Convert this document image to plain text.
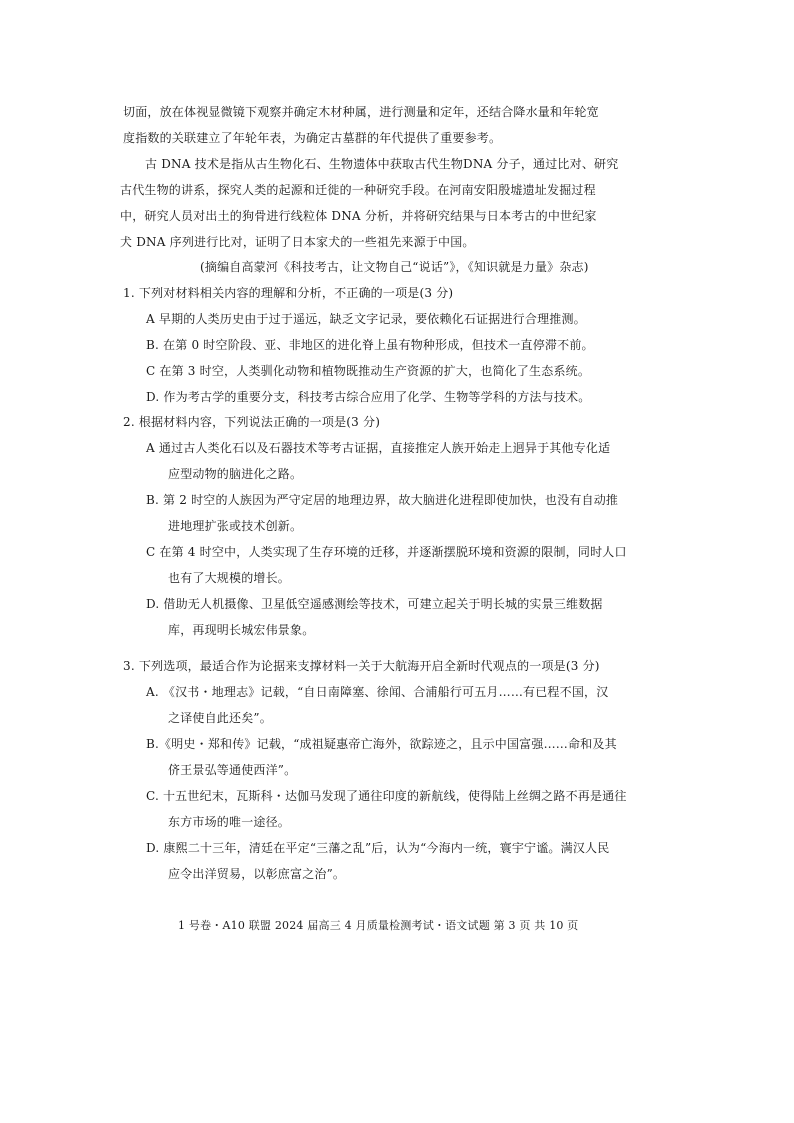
切面，放在体视显微镜下观察并确定木材种属，进行测量和定年，还结合降水量和年轮宽
度指数的关联建立了年轮年表，为确定古墓群的年代提供了重要参考。
古 DNA 技术是指从古生物化石、生物遗体中获取古代生物DNA 分子，通过比对、研究
古代生物的讲系，探究人类的起源和迁徙的一种研究手段。在河南安阳殷墟遗址发掘过程
中，研究人员对出土的狗骨进行线粒体 DNA 分析，并将研究结果与日本考古的中世纪家
犬 DNA 序列进行比对，证明了日本家犬的一些祖先来源于中国。
(摘编自高蒙河《科技考古，让文物自己“说话”》，《知识就是力量》杂志)
1. 下列对材料相关内容的理解和分析，不正确的一项是(3 分)
A 早期的人类历史由于过于遥远，缺乏文字记录，要依赖化石证据进行合理推测。
B. 在第 0 时空阶段、亚、非地区的进化脊上虽有物种形成，但技术一直停滞不前。
C 在第 3 时空，人类驯化动物和植物既推动生产资源的扩大，也简化了生态系统。
D. 作为考古学的重要分支，科技考古综合应用了化学、生物等学科的方法与技术。
2. 根据材料内容，下列说法正确的一项是(3 分)
A 通过古人类化石以及石器技术等考古证据，直接推定人族开始走上迥异于其他专化适
应型动物的脑进化之路。
B. 第 2 时空的人族因为严守定居的地理边界，故大脑进化进程即使加快，也没有自动推
进地理扩张或技术创新。
C 在第 4 时空中，人类实现了生存环境的迁移，并逐渐摆脱环境和资源的限制，同时人口
也有了大规模的增长。
D. 借助无人机摄像、卫星低空遥感测绘等技术，可建立起关于明长城的实景三维数据
库，再现明长城宏伟景象。
3. 下列选项，最适合作为论据来支撑材料一关于大航海开启全新时代观点的一项是(3 分)
A. 《汉书・地理志》记载，“自日南障塞、徐闻、合浦船行可五月……有已程不国，汉
之译使自此还矣”。
B.《明史・郑和传》记载，“成祖疑惠帝亡海外，欲踪迹之，且示中国富强……命和及其
侪王景弘等通使西洋”。
C. 十五世纪末，瓦斯科・达伽马发现了通往印度的新航线，使得陆上丝绸之路不再是通往
东方市场的唯一途径。
D. 康熙二十三年，清廷在平定“三藩之乱”后，认为“今海内一统，寰宇宁谧。满汉人民
应令出洋贸易，以彰庶富之治”。
1 号卷・A10 联盟 2024 届高三 4 月质量检测考试・语文试题 第 3 页 共 10 页
